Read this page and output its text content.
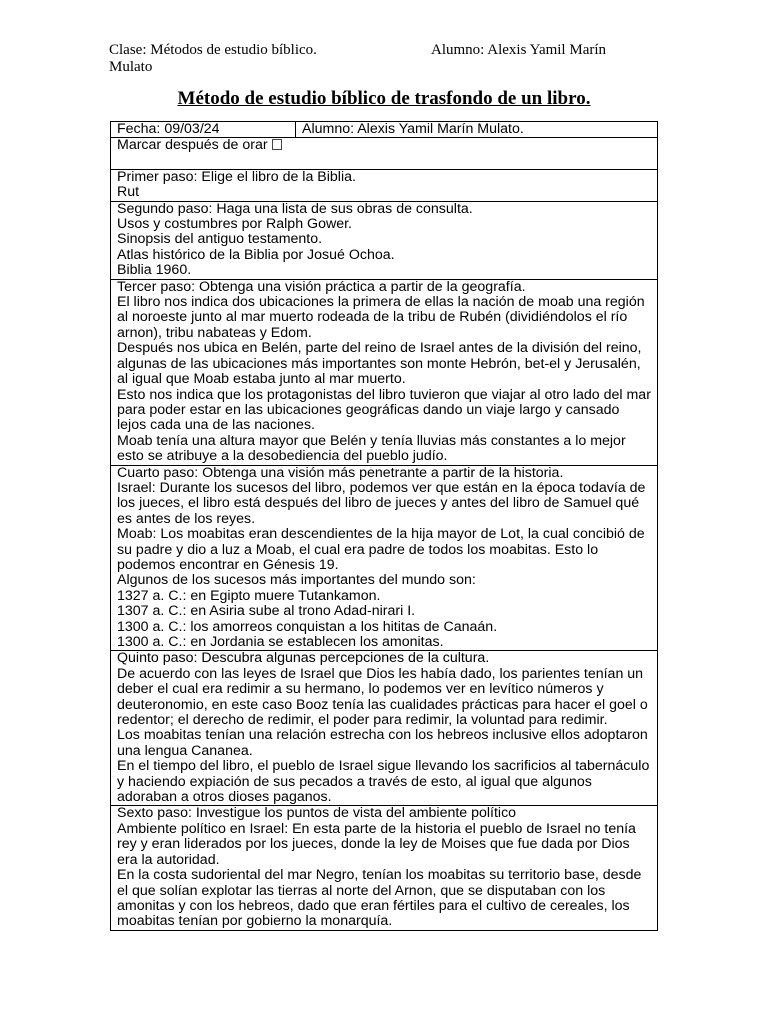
Clase: Métodos de estudio bíblico.
Mulato
Alumno: Alexis Yamil Marín
Método de estudio bíblico de trasfondo de un libro.
Fecha: 09/03/24	Alumno: Alexis Yamil Marín Mulato.

Marcar después de orar

Primer paso: Elige el libro de la Biblia.

Rut

Segundo paso: Haga una lista de sus obras de consulta.

Usos y costumbres por Ralph Gower.

Sinopsis del antiguo testamento.

Atlas histórico de la Biblia por Josué Ochoa.

Biblia 1960.

Tercer paso: Obtenga una visión práctica a partir de la geografía.

El libro nos indica dos ubicaciones la primera de ellas la nación de moab una región al noroeste junto al mar muerto rodeada de la tribu de Rubén (dividiéndolos el río arnon), tribu nabateas y Edom.

Después nos ubica en Belén, parte del reino de Israel antes de la división del reino, algunas de las ubicaciones más importantes son monte Hebrón, bet-el y Jerusalén, al igual que Moab estaba junto al mar muerto.

Esto nos indica que los protagonistas del libro tuvieron que viajar al otro lado del mar para poder estar en las ubicaciones geográficas dando un viaje largo y cansado lejos cada una de las naciones.

Moab tenía una altura mayor que Belén y tenía lluvias más constantes a lo mejor esto se atribuye a la desobediencia del pueblo judío.

Cuarto paso: Obtenga una visión más penetrante a partir de la historia.

Israel: Durante los sucesos del libro, podemos ver que están en la época todavía de los jueces, el libro está después del libro de jueces y antes del libro de Samuel qué es antes de los reyes.

Moab: Los moabitas eran descendientes de la hija mayor de Lot, la cual concibió de su padre y dio a luz a Moab, el cual era padre de todos los moabitas. Esto lo podemos encontrar en Génesis 19.

Algunos de los sucesos más importantes del mundo son:

1327 a. C.: en Egipto muere Tutankamon.

1307 a. C.: en Asiria sube al trono Adad-nirari I.

1300 a. C.: los amorreos conquistan a los hititas de Canaán.

1300 a. C.: en Jordania se establecen los amonitas.

Quinto paso: Descubra algunas percepciones de la cultura.

De acuerdo con las leyes de Israel que Dios les había dado, los parientes tenían un deber el cual era redimir a su hermano, lo podemos ver en levítico números y deuteronomio, en este caso Booz tenía las cualidades prácticas para hacer el goel o redentor; el derecho de redimir, el poder para redimir, la voluntad para redimir.

Los moabitas tenían una relación estrecha con los hebreos inclusive ellos adoptaron una lengua Cananea.

En el tiempo del libro, el pueblo de Israel sigue llevando los sacrificios al tabernáculo y haciendo expiación de sus pecados a través de esto, al igual que algunos adoraban a otros dioses paganos.

Sexto paso: Investigue los puntos de vista del ambiente político

Ambiente político en Israel: En esta parte de la historia el pueblo de Israel no tenía rey y eran liderados por los jueces, donde la ley de Moises que fue dada por Dios era la autoridad.

En la costa sudoriental del mar Negro, tenían los moabitas su territorio base, desde el que solían explotar las tierras al norte del Arnon, que se disputaban con los amonitas y con los hebreos, dado que eran fértiles para el cultivo de cereales, los moabitas tenían por gobierno la monarquía.
